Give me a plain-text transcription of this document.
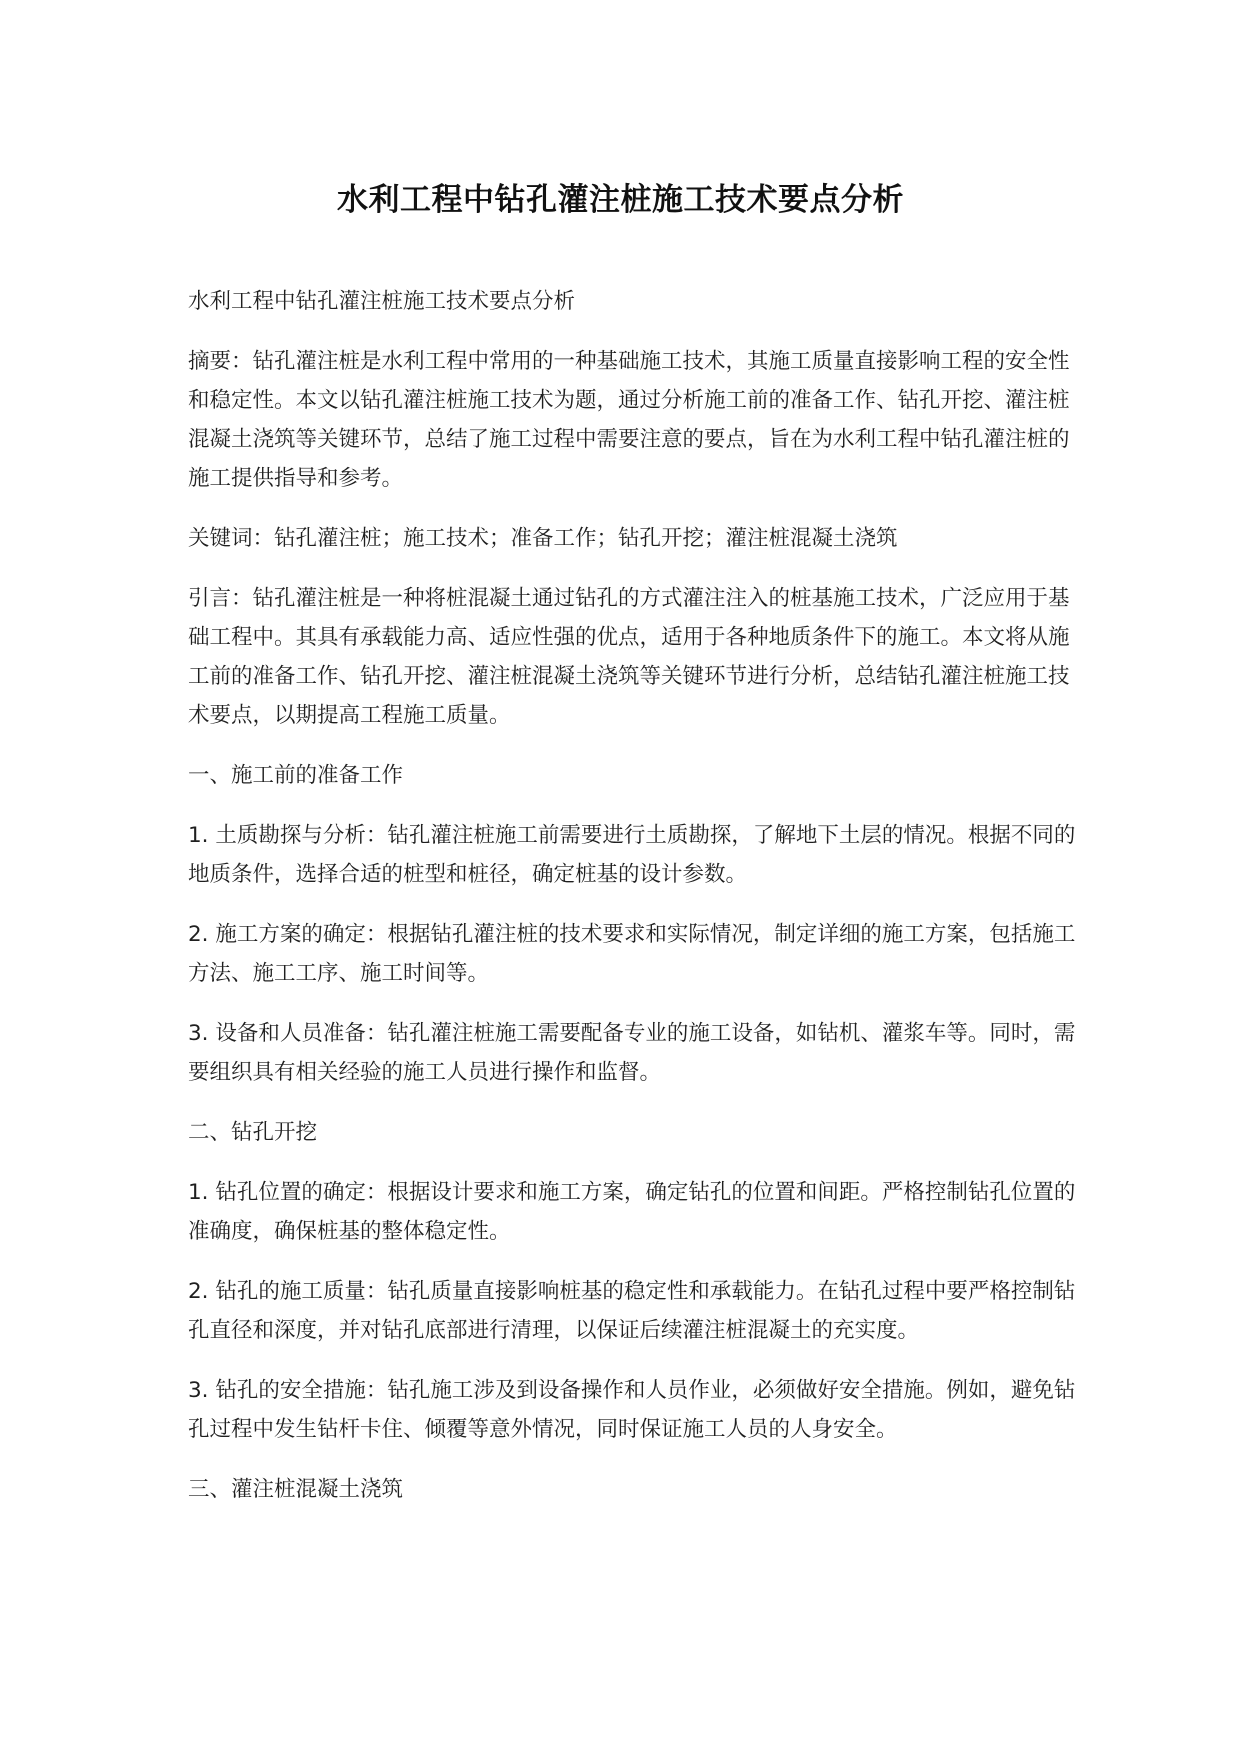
水利工程中钻孔灌注桩施工技术要点分析

水利工程中钻孔灌注桩施工技术要点分析

摘要：钻孔灌注桩是水利工程中常用的一种基础施工技术，其施工质量直接影响工程的安全性和稳定性。本文以钻孔灌注桩施工技术为题，通过分析施工前的准备工作、钻孔开挖、灌注桩混凝土浇筑等关键环节，总结了施工过程中需要注意的要点，旨在为水利工程中钻孔灌注桩的施工提供指导和参考。

关键词：钻孔灌注桩；施工技术；准备工作；钻孔开挖；灌注桩混凝土浇筑

引言：钻孔灌注桩是一种将桩混凝土通过钻孔的方式灌注注入的桩基施工技术，广泛应用于基础工程中。其具有承载能力高、适应性强的优点，适用于各种地质条件下的施工。本文将从施工前的准备工作、钻孔开挖、灌注桩混凝土浇筑等关键环节进行分析，总结钻孔灌注桩施工技术要点，以期提高工程施工质量。

一、施工前的准备工作

1. 土质勘探与分析：钻孔灌注桩施工前需要进行土质勘探，了解地下土层的情况。根据不同的地质条件，选择合适的桩型和桩径，确定桩基的设计参数。

2. 施工方案的确定：根据钻孔灌注桩的技术要求和实际情况，制定详细的施工方案，包括施工方法、施工工序、施工时间等。

3. 设备和人员准备：钻孔灌注桩施工需要配备专业的施工设备，如钻机、灌浆车等。同时，需要组织具有相关经验的施工人员进行操作和监督。

二、钻孔开挖

1. 钻孔位置的确定：根据设计要求和施工方案，确定钻孔的位置和间距。严格控制钻孔位置的准确度，确保桩基的整体稳定性。

2. 钻孔的施工质量：钻孔质量直接影响桩基的稳定性和承载能力。在钻孔过程中要严格控制钻孔直径和深度，并对钻孔底部进行清理，以保证后续灌注桩混凝土的充实度。

3. 钻孔的安全措施：钻孔施工涉及到设备操作和人员作业，必须做好安全措施。例如，避免钻孔过程中发生钻杆卡住、倾覆等意外情况，同时保证施工人员的人身安全。

三、灌注桩混凝土浇筑
